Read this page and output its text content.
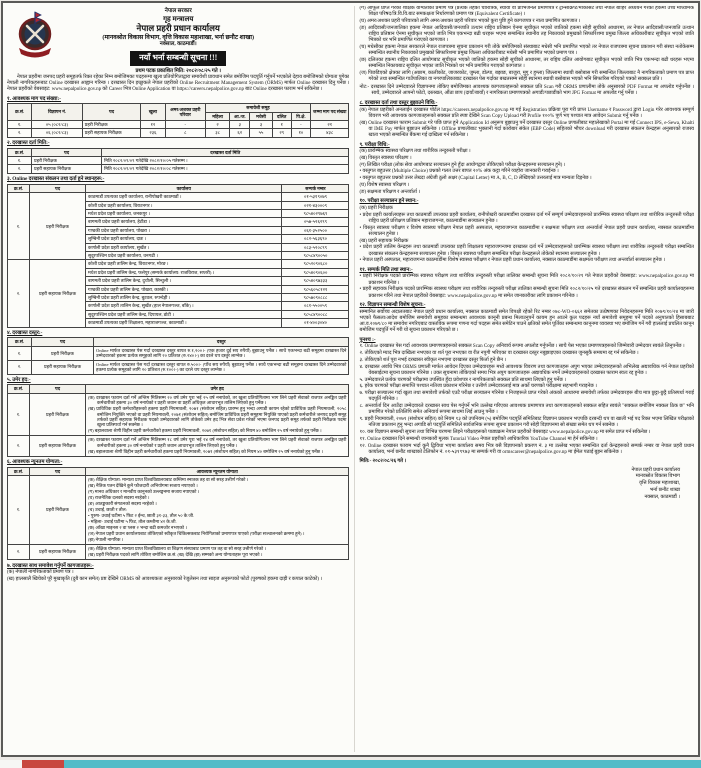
नेपाल सरकार
गृह मन्त्रालय
नेपाल प्रहरी प्रधान कार्यालय
(मानवश्रोत विकास विभाग, वृत्ति विकास महाशाखा, भर्ना छनौट शाखा)
नक्साल, काठमाडौं।
नयाँ भर्ना सम्बन्धी सूचना !!!
प्रथम पटक प्रकाशित मिति: २०८२/०८/२५ गते ।

नेपाल प्रहरीमा जनपद प्रहरी समूहतर्फ रिक्त रहेका निम्न बमोजिमका पदहरूमा खुला प्रतियोगिताद्वारा समावेशी प्रावधान समेत बमोजिम पदपूर्ति गर्नुपर्ने भएकोले देहाय बमोजिमको योग्यता पुगेका नेपाली नागरिकहरूबाट Online दरखास्त आह्वान गरिन्छ । दरखास्त दिन इच्छुकले नेपाल प्रहरीको Online Recruitment Management System (ORMS) मार्फत Online दरखास्त दिनु पर्नेछ । नेपाल प्रहरीको वेबसाइट: www.nepalpolice.gov.np को Career भित्र Online Application वा https://careers.nepalpolice.gov.np बाट Online दरखास्त फाराम भर्न सकिनेछ ।

१. आवश्यक माग पद संख्या:-
क्र.सं.	विज्ञापन नं.	पद	खुला	अमर/अशक्त प्रहरी परिवार	समावेशी समूह					जम्मा माग पद संख्या
					महिला	आ./ज.	मधेसी	दलित	पि.क्षे.	
१.	०५ (०८२/८३)	प्रहरी निरीक्षक	१२	-	२	३	३	१	-	२१
२.	०६ (०८२/८३)	प्रहरी सहायक निरीक्षक	२३६	८	३८	६२	५५	२९	१०	४३८
२. दरखास्त दर्ता मिति:-
क्र.सं.	पद	दरखास्त दर्ता मिति
१.	प्रहरी निरीक्षक	मिति २०८२/०९/०९ गतेदेखि २०८२/१०/०५ गतेसम्म ।
२.	प्रहरी सहायक निरीक्षक	मिति २०८२/०९/०९ गतेदेखि २०८२/१०/०८ गतेसम्म ।
३. Online दरखास्त संकलन तथा दर्ता हुने स्थानहरू:-
क्र.सं.	पद	कार्यालय	सम्पर्क नम्बर
१.	प्रहरी निरीक्षक
काठमाडौं उपत्यका प्रहरी कार्यालय, रानीपोखरी काठमाडौं ।	०१-५३१९०७९
कोशी प्रदेश प्रहरी कार्यालय, विराटनगर ।	०२१-४३०००९
मधेश प्रदेश प्रहरी कार्यालय, जनकपुर ।	९८५४०२९७६९
बागमती प्रदेश प्रहरी कार्यालय, हेटौंडा ।	०५७-५२६२९९
गण्डकी प्रदेश प्रहरी कार्यालय, पोखरा ।	०६१-३५२५००
लुम्बिनी प्रदेश प्रहरी कार्यालय, दाङ ।	०८२-५६३६९०
कर्णाली प्रदेश प्रहरी कार्यालय, सुर्खेत ।	०८३-५२०८९९
सुदूरपश्चिम प्रदेश प्रहरी कार्यालय, धनगढी ।	९८५८४९००५०
२.	प्रहरी सहायक निरीक्षक
कोशी प्रदेश प्रहरी तालिम केन्द्र, विराटनगर, मोरङ ।	९८५२०९०६८०
मधेश प्रदेश प्रहरी तालिम केन्द्र, फत्तेपुर (सम्पर्क कार्यालय: राजविराज, सप्तरी) ।	९८५४०९०६००
बागमती प्रदेश प्रहरी तालिम केन्द्र, दुधौली, सिन्धुली ।	९८५४०९७३३३
गण्डकी प्रदेश प्रहरी तालिम केन्द्र, पोखरा, कास्की ।	९८५६०५८१२१
लुम्बिनी प्रदेश प्रहरी तालिम केन्द्र, बुटवल, रुपन्देही ।	९८५७०९०८८८
कर्णाली प्रदेश प्रहरी तालिम केन्द्र, सुर्खेत (हाल नेपालगञ्ज, बाँके) ।	०८१-५५००५९
सुदूरपश्चिम प्रदेश प्रहरी तालिम केन्द्र, दिपायल, डोटी ।	९८५८४९००८८
काठमाडौं उपत्यका प्रहरी शिक्षालय, महाराजगञ्ज, काठमाडौं ।	०१-४००३०४०
४. दरखास्त दस्तुर:-
क्र.सं.	पद	दस्तुर
१.	प्रहरी निरीक्षक	Online मार्फत दरखास्त पेस गर्दा दरखास्त दस्तुर बापत रु.१,२००।- (एक हजार दुई सय रुपैयाँ) बुझाउनु पर्नेछ । साथै एकभन्दा बढी समूहमा दरखास्त दिने उम्मेदवारको हकमा प्रत्येक समूहको लागि २० प्रतिशत (रु.२४०।-) का दरले थप दस्तुर लाग्नेछ ।
२.	प्रहरी सहायक निरीक्षक	Online मार्फत दरखास्त पेस गर्दा दरखास्त दस्तुर बापत रु.५००।- (पाँच सय रुपैयाँ) बुझाउनु पर्नेछ । साथै एकभन्दा बढी समूहमा दरखास्त दिने उम्मेदवारको हकमा प्रत्येक समूहको लागि २० प्रतिशत (रु.१००।-) का दरले थप दस्तुर लाग्नेछ ।
५. उमेर हद:-
क्र.सं.	पद	उमेर हद
१.	प्रहरी निरीक्षक

(क) दरखास्त फाराम दर्ता गर्ने अन्तिम मितिसम्म २० वर्ष उमेर पूरा भई २५ वर्ष ननाघेको, तर खुला प्रतियोगितामा भाग लिने प्रहरी सेवाको राजपत्र अनङ्कित प्रहरी कर्मचारीको हकमा ३० वर्ष ननाघेको र प्रहरी जवान वा प्रहरी अधिकृत आधारभूत तालिम लिएको हुनु पर्नेछ ।

(ख) प्राविधिक प्रहरी कर्मचारीहरूको हकमा प्रहरी नियमावली, २०७१ (संशोधन सहित) प्रारम्भ हुनु भन्दा अगाडी कायम रहेको प्राविधिक प्रहरी नियमावली, २०५८ बमोजिम नियुक्ति भएको वा प्रहरी नियमावली, २०७१ (संशोधन सहित) बमोजिम प्राविधिक प्रहरी समूहमा नियुक्ति पाएको प्रहरी कर्मचारीले जनपद प्रहरी समूह तर्फको प्रहरी सहायक निरीक्षक पदको उम्मेदवारको लागि तोकेको उमेर हद भित्र सेवा प्रवेश गरेको भएमा जनपद प्रहरी समूह तर्फको प्रहरी निरीक्षक पदमा खुला प्रतिस्पर्धा गर्न सक्नेछ ।

(ग) बहालवाला श्रेणी विहीन प्रहरी कर्मचारीको हकमा प्रहरी नियमावली, २०७१ (संशोधन सहित) को नियम ४० बमोजिम २५ वर्ष ननाघेको हुनु पर्नेछ ।

२.	प्रहरी सहायक निरीक्षक

(क) दरखास्त फाराम दर्ता गर्ने अन्तिम मितिसम्म १८ वर्ष उमेर पूरा भई २४ वर्ष ननाघेको, तर खुला प्रतियोगितामा भाग लिने प्रहरी सेवाको राजपत्र अनङ्कित प्रहरी कर्मचारीको हकमा ३० वर्ष ननाघेको र प्रहरी जवान आधारभूत तालिम लिएको हुनु पर्नेछ ।

(ख) बहालवाला श्रेणी विहीन प्रहरी कर्मचारीको हकमा प्रहरी नियमावली, २०७१ (संशोधन सहित) को नियम ४० बमोजिम २५ वर्ष ननाघेको हुनु पर्नेछ ।

६. आवश्यक न्यूनतम योग्यता:-
क्र.सं.	पद	आवश्यक न्यूनतम योग्यता
१.	प्रहरी निरीक्षक

(क) शैक्षिक योग्यता: मान्यता प्राप्त विश्वविद्यालयबाट कम्तिमा स्नातक तह वा सो सरह उत्तीर्ण गरेको ।

(ख) नैतिक पतन देखिने कुनै फौजदारी अभियोगमा सजाय नपाएको ।

(ग) मानव अधिकार र मानवीय कानुनको उल्लङ्घनमा सजाय नपाएको ।

(घ) राजनैतिक दलको सदस्य नरहेको ।

(ङ) आतङ्ककारी संगठनको सदस्य नरहेको ।

(च) उचाई, छाती र तौल:

• पुरुष- उचाई घटीमा ५ फिट २ ईन्च, छाती ३१-३३, तौल ५० के.जी.

• महिला- उचाई घटीमा ५ फिट, तौल कम्तीमा ४२ के.जी.

(छ) आँखा माइनस २ वा प्लस २ भन्दा बढी कमजोर नभएको ।

(ज) नेपाल प्रहरी प्रधान कार्यालयबाट तोकिएको स्वीकृत चिकित्सकबाट निरोगिताको प्रमाणपत्र पाएको (परीक्षा सञ्चालनको क्रममा हुने) ।

(झ) नेपाली नागरिक ।

२.	प्रहरी सहायक निरीक्षक

(क) शैक्षिक योग्यता: मान्यता प्राप्त विश्वविद्यालय वा शिक्षण संस्थाबाट प्रमाण पत्र तह वा सो सरह उत्तीर्ण गरेको ।

(ख) प्रहरी निरीक्षक पदको लागि तोकिए बमोजिम क्र.सं. (ख) देखि (झ) सम्मको अन्य योग्यताहरू पूरा भएको ।

७. दरखास्त साथ समावेश गर्नुपर्ने कागजातहरू:-

(क) नेपाली नागरिकताको प्रमाण पत्र ।

(ख) हालसालै खिचेको पूरै मुखाकृति (दुबै कान समेत) प्रष्ट देखिने ORMS को आवश्यकता अनुसारको रेजुलेसन तथा साइज अनुरूपको फोटो (पुरुषको हकमा दाह्री र कपाल काटेको) ।

(ग) आफूले प्राप्त गरेको शैक्षिक योग्यताको प्रमाण पत्र (प्रत्येक तहको चारित्रिक, स्थायी वा प्रोभिजनल प्रमाणपत्र र ट्रान्सक्रिप्ट/मार्कसिट तथा नेपाल बाहिर अध्ययन गरेको हकमा उच्च माध्यमिक शिक्षा परिषद/त्रि.वि.वि.बाट समकक्षता निर्धारणको प्रमाण पत्र (Equivalent Certificate) ।

(घ) अमर/अशक्त प्रहरी परिवारको लागि अमर/अशक्त प्रहरी परिवार भएको कुरा पुष्टि हुने कागजपत्र र नाता प्रमाणित कागजात ।

(ङ) आदिवासी/जनजातिका हकमा नेपाल आदिवासी/जनजाति उत्थान राष्ट्रिय प्रतिष्ठान ऐनमा सूचीकृत भएको जातिको हकमा सोही सूचीको आधारमा, तर नेपाल आदिवासी/जनजाति उत्थान राष्ट्रिय प्रतिष्ठान ऐनमा सूचीकृत भएको जाति भित्र एकभन्दा बढी थरहरू भएमा सम्बन्धित स्थानीय तह निकायको प्रमुखको सिफारिशमा प्रमुख जिल्ला अधिकारीबाट सूचीकृत भएको जाति भित्रको थर भनि प्रमाणित गराएको कागजात ।

(च) मधेसीका हकमा नेपाल सरकारले नेपाल राजपत्रमा सूचना प्रकाशन गरी तोके बमोजिमको संस्थाबाट मधेसी भनि प्रमाणित भएको तर नेपाल राजपत्रमा सूचना प्रकाशन गरी संस्था नतोकेसम्म सम्बन्धित स्थानीय निकायको प्रमुखको सिफारिशमा प्रमुख जिल्ला अधिकारीबाट मधेसी भनि प्रमाणित भएको प्रमाण पत्र ।

(छ) दलितका हकमा राष्ट्रिय दलित आयोगबाट सूचीकृत भएको जातिको हकमा सोही सूचीको आधारमा, तर राष्ट्रिय दलित आयोगबाट सूचीकृत भएको जाति भित्र एकभन्दा बढी थरहरू भएमा सम्बन्धित निकायबाट सूचीकृत भएका जाति भित्रको थर भनि प्रमाणित गराएको कागजात ।

(ज) पिछडिएको क्षेत्रका लागि (अछाम, कालीकोट, जाजरकोट, जुम्ला, डोल्पा, बझाङ, बाजुरा, मुगु र हुम्ला) जिल्लामा स्थायी बसोबास गरी सम्बन्धित जिल्लाबाट नै नागरिकताको प्रमाण पत्र प्राप्त गरेको तथा सम्बन्धित गाउँपालिका वा नगरपालिकाबाट दरखास्त पेस गर्दाका बखतसम्म सोही स्थानमा स्थायी बसोबास भएको भनि सिफारिस गरिएको पत्रको सक्कल प्रति ।

नोट:- दरखास्त दिने उम्मेदवारले विज्ञापनमा तोकिए बमोजिमका आवश्यक कागजातहरूको सक्कल प्रति Scan गरी ORMS प्रणालीमा तोके अनुसारको PDF Format मा अपलोड गर्नुपर्नेछ । साथै, उम्मेदवारले आफ्नो फोटो, दस्तखत, औंठा छाप (दायाँ/बायाँ) र नागरिकता प्रमाणपत्रको अगाडी/पछाडीको भाग JPG Format मा अपलोड गर्नु पर्नेछ ।

८. दरखास्त दर्ता तथा दस्तुर बुझाउने विधि:-

(क) नेपाल प्रहरीको अनलाईन दरखास्त पोर्टल https://careers.nepalpolice.gov.np मा गई Registration प्रक्रिया पूरा गरी प्राप्त Username र Password द्वारा Login गरेर आवश्यक सम्पूर्ण विवरण भरी आवश्यक कागजातहरूको सक्कल प्रति स्पष्ट देखिने Scan Copy Upload गरी Profile १००% पूर्ण भए पश्चात मात्र आवेदन Submit गर्नु पर्नेछ ।

(ख) Online दरखास्त फाराम Submit गरे पछि प्राप्त हुने Application Id अनुरूप बुझाउनु पर्ने दरखास्त दस्तुर Online प्रणालीबाट महालेखाको Portal मा गई Connect IPS, e-Sewa, Khalti वा IME Pay मार्फत बुझाउन सकिनेछ । Offline प्रणालीबाट भुक्तानी गर्दा कारोबार संकेत (EBP Code) सहितको भौचर download गरी दरखास्त संकलन केन्द्रहरू अनुसारको राजस्व खाता भएको सम्बन्धित बैंकमा गई दाखिला गर्न सकिनेछ ।

९. परीक्षा विधि:-

(क) प्रारम्भिक स्वास्थ्य परिक्षण तथा शारीरिक तन्दुरुस्ती परीक्षा ।

(ख) विस्तृत स्वास्थ्य परिक्षण ।

(ग) लिखित परीक्षा (लोक सेवा आयोगबाट सञ्चालन हुने हुँदा आयोगद्वारा तोकिएको परीक्षा केन्द्रहरूमा सञ्चालन हुने) ।

• वस्तुगत बहुउत्तर (Multiple Choice) प्रश्नको गलत उत्तर बापत २०% अंक कट्टा गरिने व्यहोरा जानकारी गराईन्छ ।

• वस्तुगत बहुउत्तर प्रश्नको उत्तर लेख्दा अंग्रेजी ठूलो अक्षर (Capital Letter) मा A, B, C, D लेखिएको उत्तरलाई मात्र मान्यता दिइनेछ ।

(घ) विशेष स्वास्थ्य परिक्षण ।

(ङ) सक्षमता परिक्षण र अन्तर्वार्ता ।

१०. परीक्षा सञ्चालन हुने स्थान:-

(क) प्रहरी निरीक्षक

• प्रदेश प्रहरी कार्यालयहरू तथा काठमाडौं उपत्यका प्रहरी कार्यालय, रानीपोखरी काठमाडौंमा दरखास्त दर्ता गर्ने सम्पूर्ण उम्मेदवारहरूको प्रारम्भिक स्वास्थ्य परिक्षण तथा शारीरिक तन्दुरुस्ती परीक्षा राष्ट्रिय प्रहरी प्रशिक्षण प्रतिष्ठान महाराजगन्ज, काठमाडौंमा सञ्चालन हुनेछ ।

• विस्तृत स्वास्थ्य परीक्षण र विशेष स्वास्थ्य परीक्षण नेपाल प्रहरी अस्पताल, महाराजगन्ज काठमाडौंमा र सक्षमता परीक्षण तथा अन्तर्वार्ता नेपाल प्रहरी प्रधान कार्यालय, नक्साल काठमाडौंमा सञ्चालन हुनेछ ।

(ख) प्रहरी सहायक निरीक्षक

• प्रदेश प्रहरी तालिम केन्द्रहरू तथा काठमाडौं उपत्यका प्रहरी शिक्षालय महाराजगन्जमा दरखास्त दर्ता गर्ने उम्मेदवारहरूको प्रारम्भिक स्वास्थ्य परीक्षण तथा शारीरिक तन्दुरुस्ती परीक्षा सम्बन्धित दरखास्त संकलन केन्द्रहरूमा सञ्चालन हुनेछ । विस्तृत स्वास्थ्य परीक्षण सम्बन्धित परीक्षा केन्द्रहरूले तोकेको स्थानमा सञ्चालन हुनेछ ।

• नेपाल प्रहरी अस्पताल, महाराजगन्ज काठमाडौंमा विशेष स्वास्थ्य परीक्षण र नेपाल प्रहरी प्रधान कार्यालय, नक्साल काठमाडौंमा सक्षमता परीक्षण तथा अन्तर्वार्ता सञ्चालन हुनेछ ।

११. सम्पर्क मिति तथा स्थान:-

• प्रहरी निरीक्षक पदको प्रारम्भिक स्वास्थ्य परीक्षण तथा शारीरिक तन्दुरुस्ती परीक्षा तालिका सम्बन्धी सूचना मिति २०८२/१०/२१ गते नेपाल प्रहरीको वेबसाइट: www.nepalpolice.gov.np मा प्रकाशन गरिनेछ ।

• प्रहरी सहायक निरीक्षक पदको प्रारम्भिक स्वास्थ्य परीक्षण तथा शारीरिक तन्दुरुस्ती परीक्षा तालिका सम्बन्धी सूचना मिति २०८२/१०/२५ गते दरखास्त संकलन गर्ने सम्बन्धित प्रहरी कार्यालयहरूमा प्रकाशन गरिने तथा नेपाल प्रहरीको वेबसाइट: www.nepalpolice.gov.np मा समेत जानकारीका लागि प्रकाशन गरिनेछ ।

१२. विज्ञापन सम्बन्धी विशेष सूचना:-

सम्मानित सर्वोच्च अदालतबाट नेपाल प्रहरी प्रधान कार्यालय, नक्साल काठमाडौं समेत विपक्षी रहेको रिट नम्बर ०७८-WO-०६६२ समेतका उत्प्रेषणका निवेदनहरूमा मिति २०७९/१०/२४ मा जारी भएको फैसला/आदेश बमोजिम समावेशी समूहका सम्बन्धमा आवश्यक कानूनी प्रबन्ध मिलाउनुपर्ने कायम हुन आउने कुल पदहरू नयाँ समावेशी समूहमा पर्ने पदको अनुपातको हिसाबबाट आ.व.२०७९/८० मा समावेश नगरिएबाट वास्तविक रूपमा गणना गर्दा पदहरू समेत समेटिन पाउने क्षतिको समेत पूर्तिका सम्बन्धमा कानूनमा व्यवस्था भए बमोजिम गर्ने गरी हाललाई प्रचलित कानून बमोजिम पदपूर्ति गर्ने गरी यो सूचना प्रकाशन गरिएको छ ।

पुनश्च :-

१. Online दरखास्त पेस गर्दा आवश्यक प्रमाणपत्रहरूको सक्कल Scan Copy अनिवार्य रूपमा अपलोड गर्नुपर्नेछ । साथै पेस भएका प्रमाणपत्रहरूको जिम्मेवारी उम्मेदवार स्वयंले लिनुपर्नेछ ।

२. तोकिएको म्याद भित्र दाखिला नभएका वा शर्त पूरा नभएका वा रीत नपुगी भरिएका वा दरखास्त दस्तुर नबुझाइएका दरखास्त जुनसुकै समयमा रद्द गर्न सकिनेछ ।

३. तोकिएको शर्त पूरा नभई दरखास्त स्वीकृत नभएमा दरखास्त दस्तुर फिर्ता हुने छैन ।

४. दरखास्त अवधि भित्र ORMS प्रणाली मार्फत आवेदन दिएका उम्मेदवारहरू मध्ये आवश्यक विवरण तथा कागजातहरू अपुग भएका उम्मेदवारहरूको अभिलेख अद्यावधिक गर्न नेपाल प्रहरीको वेबसाईटमा सूचना प्रकाशन गरिनेछ । उक्त सूचनामा तोकिएको समय भित्र अपुग कागजातहरू अद्यावधिक नगर्ने उम्मेदवारहरूको दरखास्त फाराम स्वतः रद्द हुनेछ ।

५. उम्मेदवारले प्रत्येक चरणको परीक्षामा उपस्थित हुँदा प्रवेशपत्र र नागरिकताको सक्कल प्रति साथमा लिएको हुनु पर्नेछ ।

६. हरेक चरणको परीक्षा समाप्ति पश्चात नतिजा प्रकाशन गरिनेछ र उत्तीर्ण उम्मेदवारलाई मात्र अर्को चरणको परीक्षामा सहभागी गराइनेछ ।

७. परीक्षा सञ्चालन गर्दा खुला तथा समावेशी तर्फको एउटै परीक्षा सञ्चालन गरिनेछ र निजहरूले प्राप्त गरेको अंकको आधारमा समावेशी तर्फका उम्मेदवारहरू बीच मात्र छुट्टा-छुट्टै प्रतिस्पर्धा गराई पदपूर्ति गरिनेछ ।

८. अन्तर्वार्ता दिन आउँदा उम्मेदवारले दरखास्त साथ पेस गर्नुपर्ने भनि उल्लेख गरिएका आवश्यक प्रमाणपत्र तथा कागजातहरूको सक्कल सहित स्वयंले "सक्कल बमोजिम नक्कल ठिक छ" भनि प्रमाणित गरेको प्रतिलिपि समेत अनिवार्य रूपमा साथमा लिई आउनु पर्नेछ ।

९. प्रहरी नियमावली, २०७१ (संशोधन सहित) को नियम १३ को उपनियम (५) बमोजिम पदपूर्ति समितिबाट विज्ञापन प्रकाशन भएपछि दरबन्दी थप वा खाली भई पद रिक्त भएमा लिखित परीक्षाको नतिजा प्रकाशन हुनु भन्दा अगाडि सो पदपूर्ति समितिले सार्वजनिक रूपमा सूचना प्रकाशन गरी सोही विज्ञापनमा सो संख्या समेत थप गर्न सक्नेछ ।

१०. यस विज्ञापन सम्बन्धी सूचना तथा विभिन्न चरणमा लिइने परीक्षाहरूको पाठ्यक्रम नेपाल प्रहरीको वेबसाइट www.nepalpolice.gov.np मा समेत प्राप्त गर्न सकिनेछ ।

११. Online दरखास्त दिने सम्बन्धी जानकारी मूलक Tutorial Video नेपाल प्रहरीको आधिकारिक YouTube Channel मा हेर्न सकिनेछ ।

१२. Online दरखास्त फाराम भर्दा कुनै द्विविधा भएमा कार्यालय समय भित्र यसै विज्ञापनको प्रकरण नं. ३ मा उल्लेख भएका सम्बन्धित दर्ता केन्द्रहरूको सम्पर्क नम्बर वा नेपाल प्रहरी प्रधान कार्यालय, भर्ना छनौट शाखाको टेलिफोन नं. ०१-५३१९९७३ मा सम्पर्क गरी वा ormscareer@nepalpolice.gov.np मा ईमेल पठाई बुझ्न सकिनेछ ।

मिति:- २०८२/०८/२६ गते ।

नेपाल प्रहरी प्रधान कार्यालय

मानवस्रोत विकास विभाग

वृत्ति विकास महाशाखा,

भर्ना छनौट शाखा

नक्साल, काठमाडौं ।
